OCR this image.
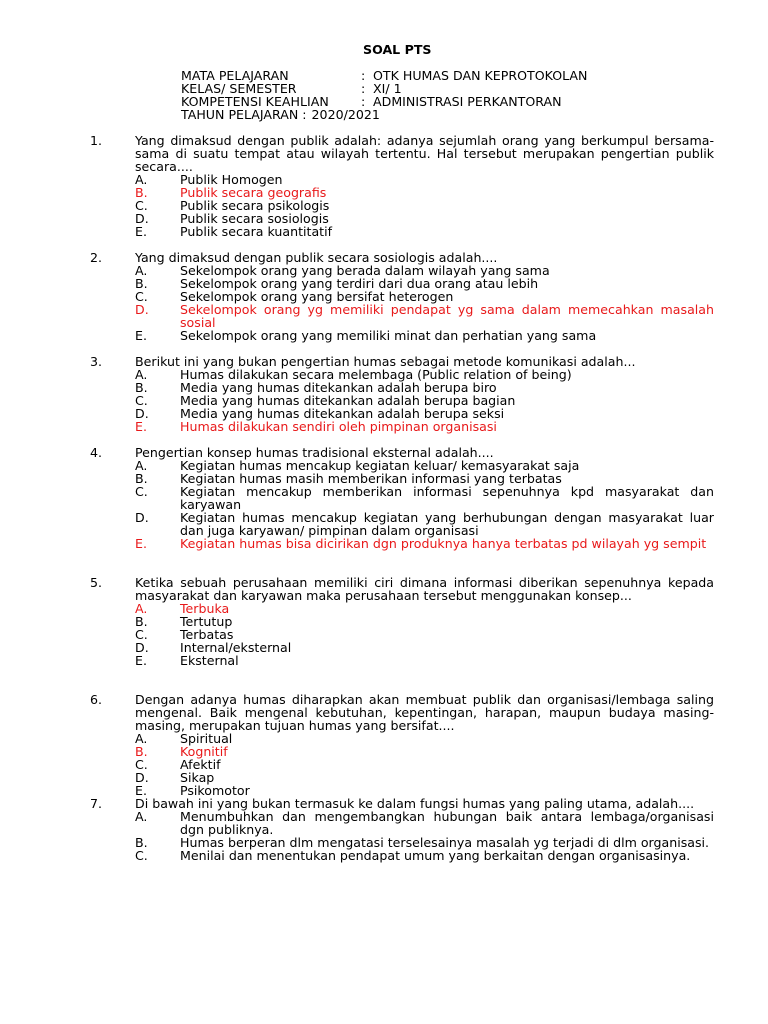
SOAL PTS
MATA PELAJARAN	: OTK HUMAS DAN KEPROTOKOLAN
KELAS/ SEMESTER	: XI/ 1
KOMPETENSI KEAHLIAN	: ADMINISTRASI PERKANTORAN
TAHUN PELAJARAN : 2020/2021
1.	Yang dimaksud dengan publik adalah: adanya sejumlah orang yang berkumpul bersama-sama di suatu tempat atau wilayah tertentu. Hal tersebut merupakan pengertian publik secara....
A.	Publik Homogen
B.	Publik secara geografis
C.	Publik secara psikologis
D.	Publik secara sosiologis
E.	Publik secara kuantitatif
2.	Yang dimaksud dengan publik secara sosiologis adalah....
A.	Sekelompok orang yang berada dalam wilayah yang sama
B.	Sekelompok orang yang terdiri dari dua orang atau lebih
C.	Sekelompok orang yang bersifat heterogen
D.	Sekelompok orang yg memiliki pendapat yg sama dalam memecahkan masalah sosial
E.	Sekelompok orang yang memiliki minat dan perhatian yang sama
3.	Berikut ini yang bukan pengertian humas sebagai metode komunikasi adalah...
A.	Humas dilakukan secara melembaga (Public relation of being)
B.	Media yang humas ditekankan adalah berupa biro
C.	Media yang humas ditekankan adalah berupa bagian
D.	Media yang humas ditekankan adalah berupa seksi
E.	Humas dilakukan sendiri oleh pimpinan organisasi
4.	Pengertian konsep humas tradisional eksternal adalah....
A.	Kegiatan humas mencakup kegiatan keluar/ kemasyarakat saja
B.	Kegiatan humas masih memberikan informasi yang terbatas
C.	Kegiatan mencakup memberikan informasi sepenuhnya kpd masyarakat dan karyawan
D.	Kegiatan humas mencakup kegiatan yang berhubungan dengan masyarakat luar dan juga karyawan/ pimpinan dalam organisasi
E.	Kegiatan humas bisa dicirikan dgn produknya hanya terbatas pd wilayah yg sempit
5.	Ketika sebuah perusahaan memiliki ciri dimana informasi diberikan sepenuhnya kepada masyarakat dan karyawan maka perusahaan tersebut menggunakan konsep...
A.	Terbuka
B.	Tertutup
C.	Terbatas
D.	Internal/eksternal
E.	Eksternal
6.	Dengan adanya humas diharapkan akan membuat publik dan organisasi/lembaga saling mengenal. Baik mengenal kebutuhan, kepentingan, harapan, maupun budaya masing-masing, merupakan tujuan humas yang bersifat....
A.	Spiritual
B.	Kognitif
C.	Afektif
D.	Sikap
E.	Psikomotor
7.	Di bawah ini yang bukan termasuk ke dalam fungsi humas yang paling utama, adalah....
A.	Menumbuhkan dan mengembangkan hubungan baik antara lembaga/organisasi dgn publiknya.
B.	Humas berperan dlm mengatasi terselesainya masalah yg terjadi di dlm organisasi.
C.	Menilai dan menentukan pendapat umum yang berkaitan dengan organisasinya.
